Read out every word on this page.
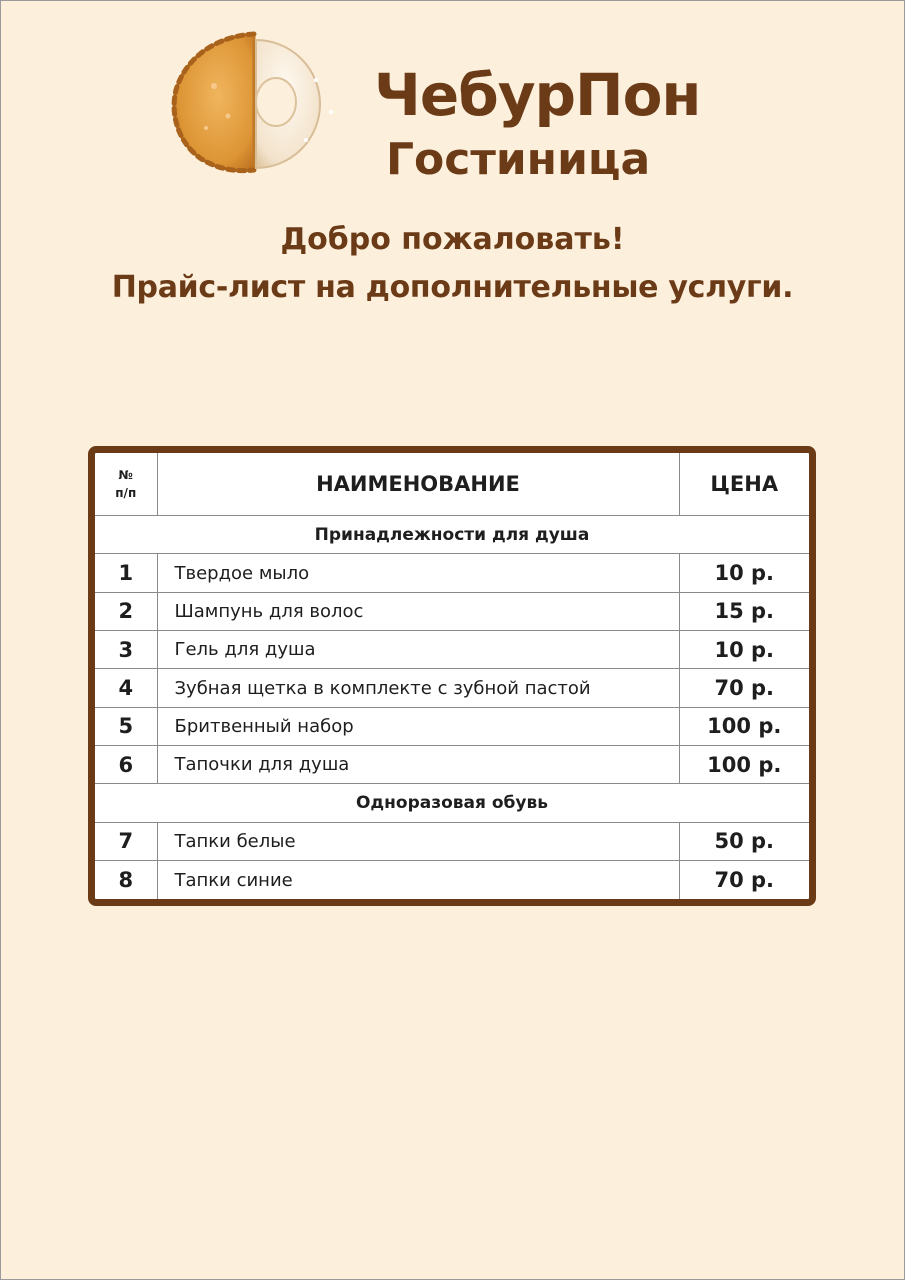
ЧебурПон
Гостиница
Добро пожаловать!
Прайс-лист на дополнительные услуги.
№
п/п	НАИМЕНОВАНИЕ	ЦЕНА
Принадлежности для душа		
1	Твердое мыло	10 р.
2	Шампунь для волос	15 р.
3	Гель для душа	10 р.
4	Зубная щетка в комплекте с зубной пастой	70 р.
5	Бритвенный набор	100 р.
6	Тапочки для душа	100 р.
Одноразовая обувь		
7	Тапки белые	50 р.
8	Тапки синие	70 р.
